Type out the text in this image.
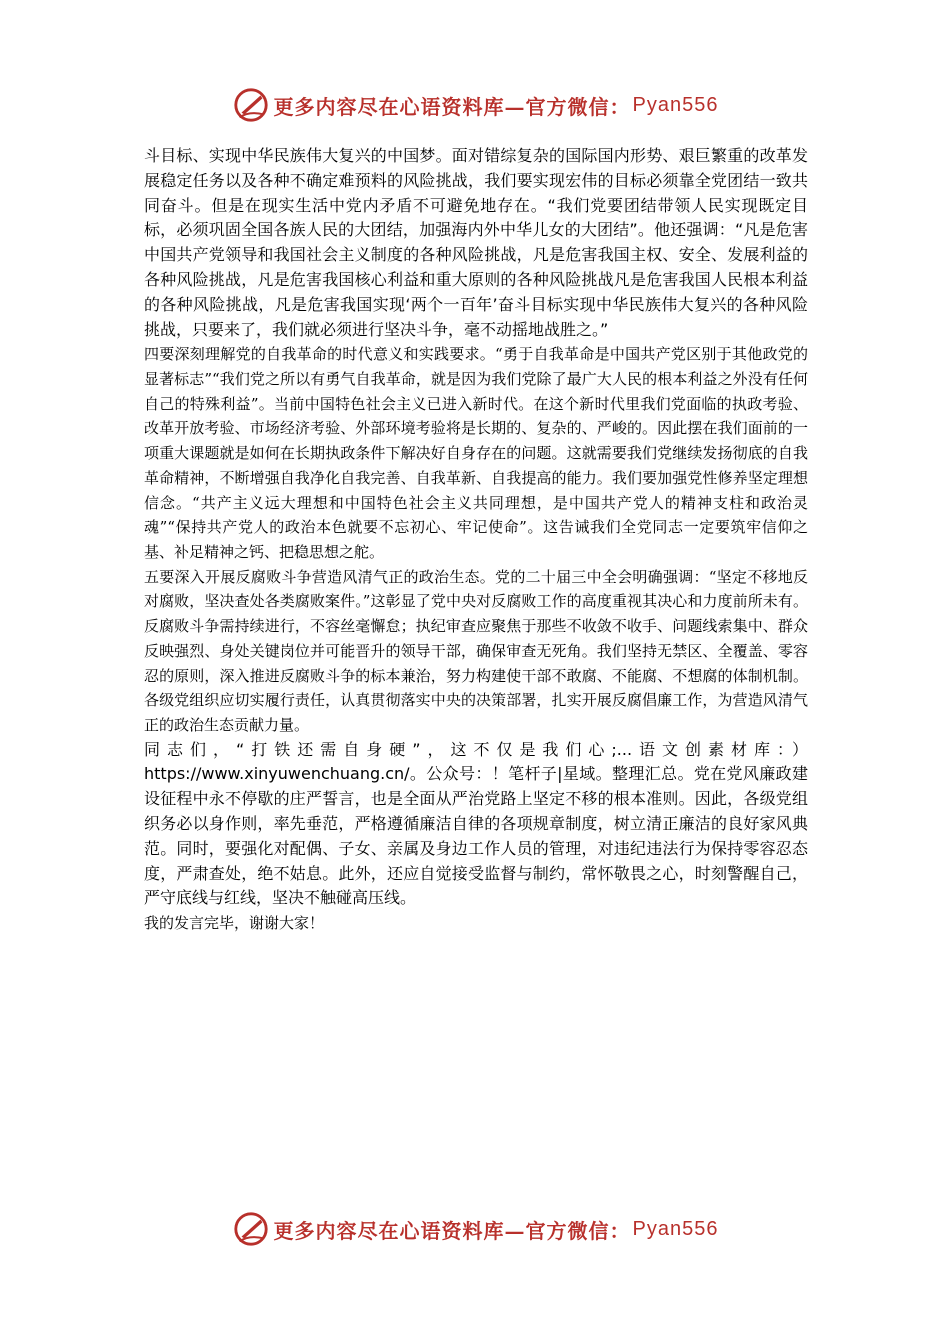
更多内容尽在心语资料库—官方微信： Pyan556

斗目标、实现中华民族伟大复兴的中国梦。面对错综复杂的国际国内形势、艰巨繁重的改革发展稳定任务以及各种不确定难预料的风险挑战，我们要实现宏伟的目标必须靠全党团结一致共同奋斗。但是在现实生活中党内矛盾不可避免地存在。“我们党要团结带领人民实现既定目标，必须巩固全国各族人民的大团结，加强海内外中华儿女的大团结”。他还强调：“凡是危害中国共产党领导和我国社会主义制度的各种风险挑战，凡是危害我国主权、安全、发展利益的各种风险挑战，凡是危害我国核心利益和重大原则的各种风险挑战凡是危害我国人民根本利益的各种风险挑战，凡是危害我国实现‘两个一百年’奋斗目标实现中华民族伟大复兴的各种风险挑战，只要来了，我们就必须进行坚决斗争，毫不动摇地战胜之。”

四要深刻理解党的自我革命的时代意义和实践要求。“勇于自我革命是中国共产党区别于其他政党的显著标志”“我们党之所以有勇气自我革命，就是因为我们党除了最广大人民的根本利益之外没有任何自己的特殊利益”。当前中国特色社会主义已进入新时代。在这个新时代里我们党面临的执政考验、改革开放考验、市场经济考验、外部环境考验将是长期的、复杂的、严峻的。因此摆在我们面前的一项重大课题就是如何在长期执政条件下解决好自身存在的问题。这就需要我们党继续发扬彻底的自我革命精神，不断增强自我净化自我完善、自我革新、自我提高的能力。我们要加强党性修养坚定理想信念。“共产主义远大理想和中国特色社会主义共同理想，是中国共产党人的精神支柱和政治灵魂”“保持共产党人的政治本色就要不忘初心、牢记使命”。这告诫我们全党同志一定要筑牢信仰之基、补足精神之钙、把稳思想之舵。

五要深入开展反腐败斗争营造风清气正的政治生态。党的二十届三中全会明确强调：“坚定不移地反对腐败，坚决查处各类腐败案件。”这彰显了党中央对反腐败工作的高度重视其决心和力度前所未有。反腐败斗争需持续进行，不容丝毫懈怠；执纪审查应聚焦于那些不收敛不收手、问题线索集中、群众反映强烈、身处关键岗位并可能晋升的领导干部，确保审查无死角。我们坚持无禁区、全覆盖、零容忍的原则，深入推进反腐败斗争的标本兼治，努力构建使干部不敢腐、不能腐、不想腐的体制机制。各级党组织应切实履行责任，认真贯彻落实中央的决策部署，扎实开展反腐倡廉工作，为营造风清气正的政治生态贡献力量。

同志们，“打铁还需自身硬”，这不仅是我们心;...语文创素材库：）https://www.xinyuwenchuang.cn/。公众号：！笔杆子|星域。整理汇总。党在党风廉政建设征程中永不停歇的庄严誓言，也是全面从严治党路上坚定不移的根本准则。因此，各级党组织务必以身作则，率先垂范，严格遵循廉洁自律的各项规章制度，树立清正廉洁的良好家风典范。同时，要强化对配偶、子女、亲属及身边工作人员的管理，对违纪违法行为保持零容忍态度，严肃查处，绝不姑息。此外，还应自觉接受监督与制约，常怀敬畏之心，时刻警醒自己，严守底线与红线，坚决不触碰高压线。

我的发言完毕，谢谢大家！

更多内容尽在心语资料库—官方微信： Pyan556
